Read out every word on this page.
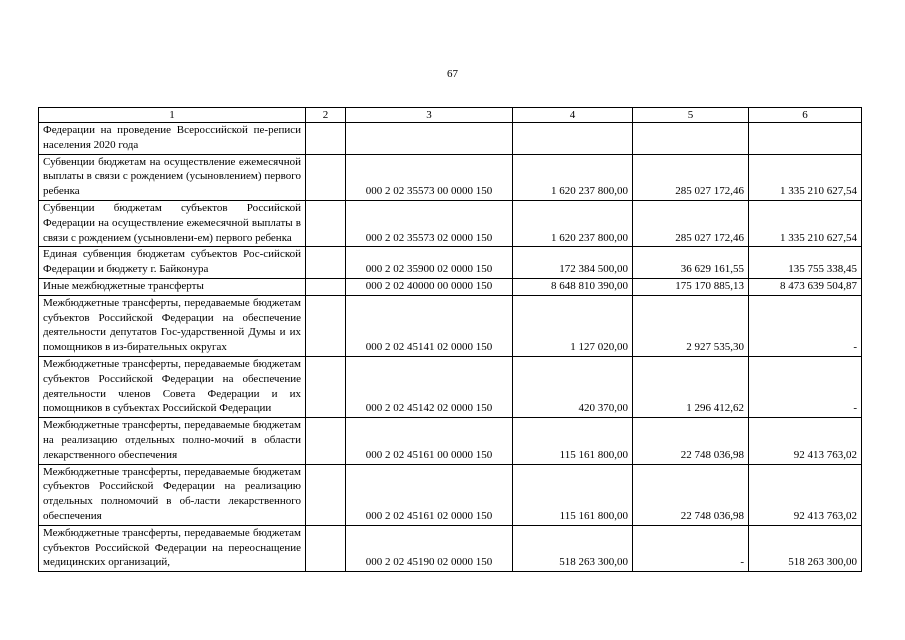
67
1	2	3	4	5	6
Федерации на проведение Всероссийской пе-реписи населения 2020 года					
Субвенции бюджетам на осуществление ежемесячной выплаты в связи с рождением (усыновлением) первого ребенка		000 2 02 35573 00 0000 150	1 620 237 800,00	285 027 172,46	1 335 210 627,54
Субвенции бюджетам субъектов Российской Федерации на осуществление ежемесячной выплаты в связи с рождением (усыновлени-ем) первого ребенка		000 2 02 35573 02 0000 150	1 620 237 800,00	285 027 172,46	1 335 210 627,54
Единая субвенция бюджетам субъектов Рос-сийской Федерации и бюджету г. Байконура		000 2 02 35900 02 0000 150	172 384 500,00	36 629 161,55	135 755 338,45
Иные межбюджетные трансферты		000 2 02 40000 00 0000 150	8 648 810 390,00	175 170 885,13	8 473 639 504,87
Межбюджетные трансферты, передаваемые бюджетам субъектов Российской Федерации на обеспечение деятельности депутатов Гос-ударственной Думы и их помощников в из-бирательных округах		000 2 02 45141 02 0000 150	1 127 020,00	2 927 535,30	-
Межбюджетные трансферты, передаваемые бюджетам субъектов Российской Федерации на обеспечение деятельности членов Совета Федерации и их помощников в субъектах Российской Федерации		000 2 02 45142 02 0000 150	420 370,00	1 296 412,62	-
Межбюджетные трансферты, передаваемые бюджетам на реализацию отдельных полно-мочий в области лекарственного обеспечения		000 2 02 45161 00 0000 150	115 161 800,00	22 748 036,98	92 413 763,02
Межбюджетные трансферты, передаваемые бюджетам субъектов Российской Федерации на реализацию отдельных полномочий в об-ласти лекарственного обеспечения		000 2 02 45161 02 0000 150	115 161 800,00	22 748 036,98	92 413 763,02
Межбюджетные трансферты, передаваемые бюджетам субъектов Российской Федерации на переоснащение медицинских организаций,		000 2 02 45190 02 0000 150	518 263 300,00	-	518 263 300,00
